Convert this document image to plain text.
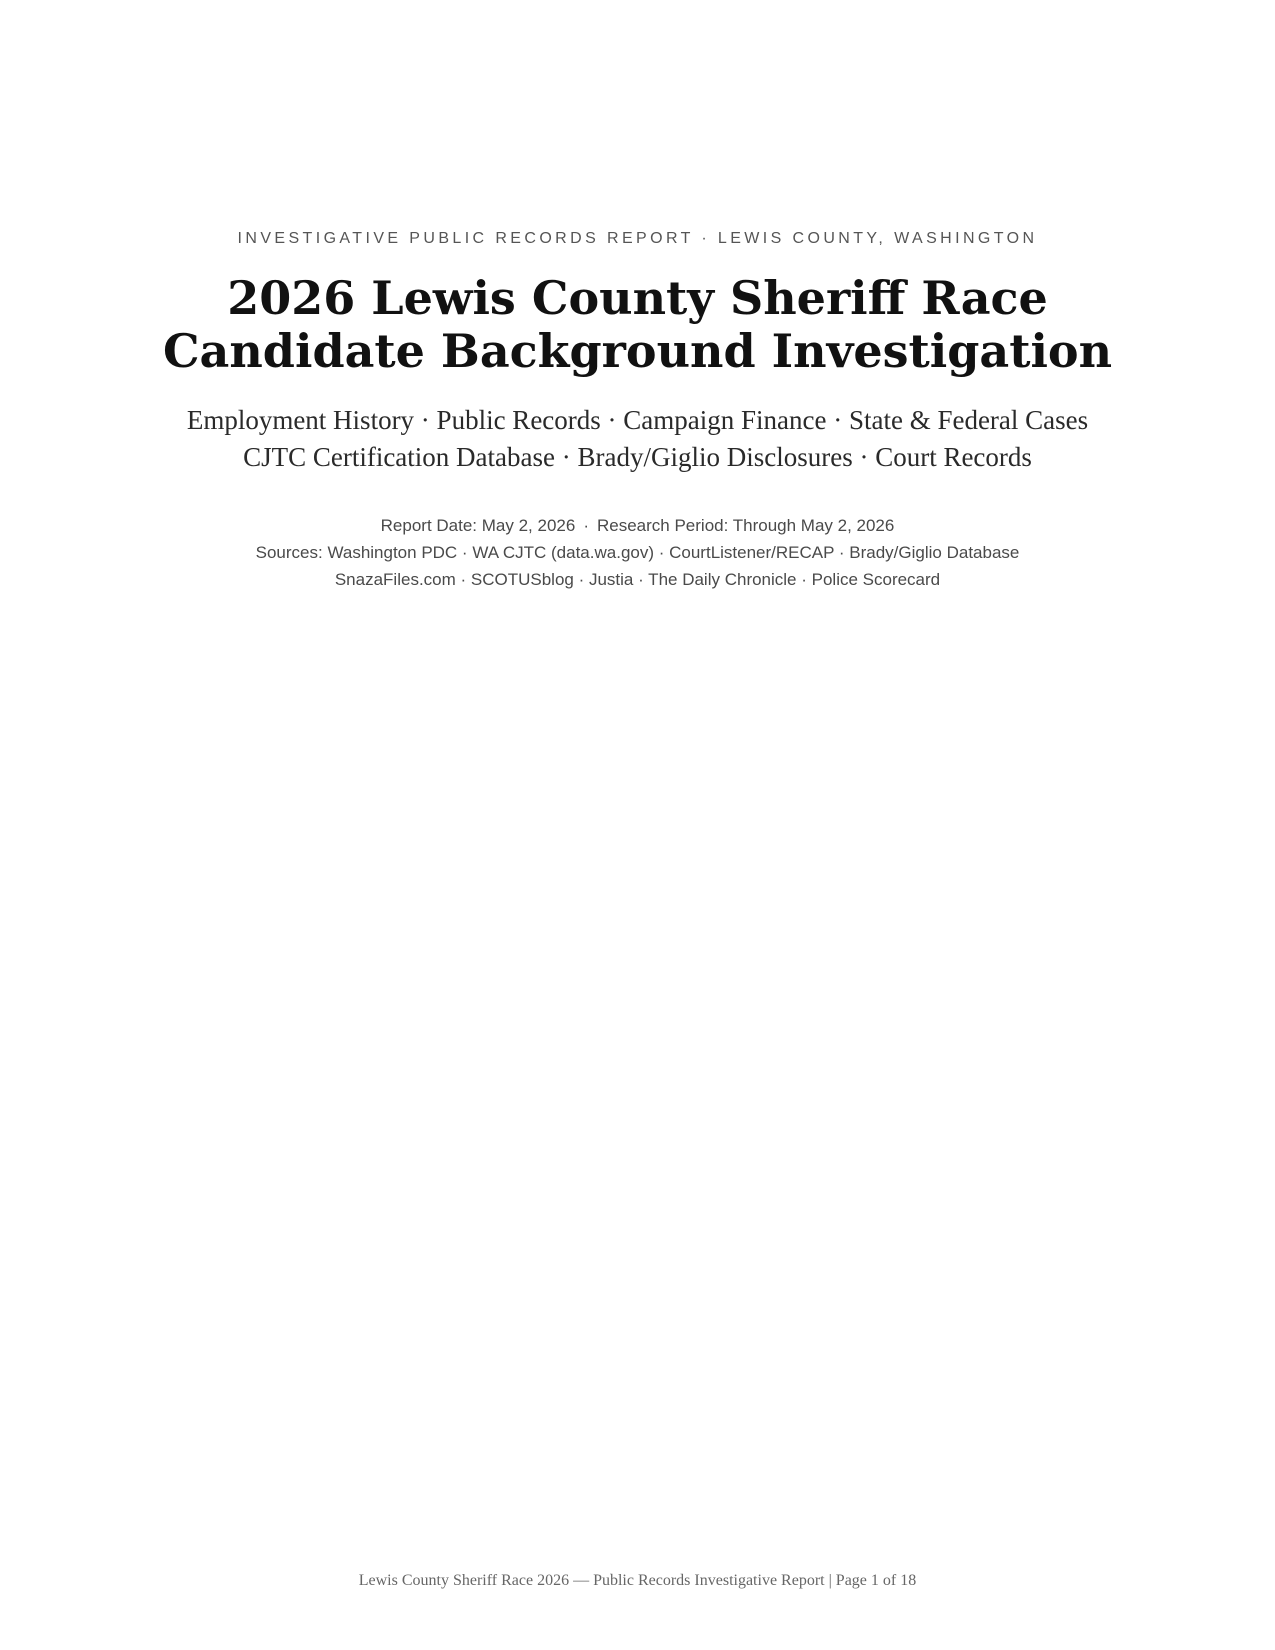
INVESTIGATIVE PUBLIC RECORDS REPORT · LEWIS COUNTY, WASHINGTON
2026 Lewis County Sheriff Race
Candidate Background Investigation
Employment History · Public Records · Campaign Finance · State & Federal Cases
CJTC Certification Database · Brady/Giglio Disclosures · Court Records
Report Date: May 2, 2026 · Research Period: Through May 2, 2026
Sources: Washington PDC · WA CJTC (data.wa.gov) · CourtListener/RECAP · Brady/Giglio Database
SnazaFiles.com · SCOTUSblog · Justia · The Daily Chronicle · Police Scorecard
Lewis County Sheriff Race 2026 — Public Records Investigative Report | Page 1 of 18
